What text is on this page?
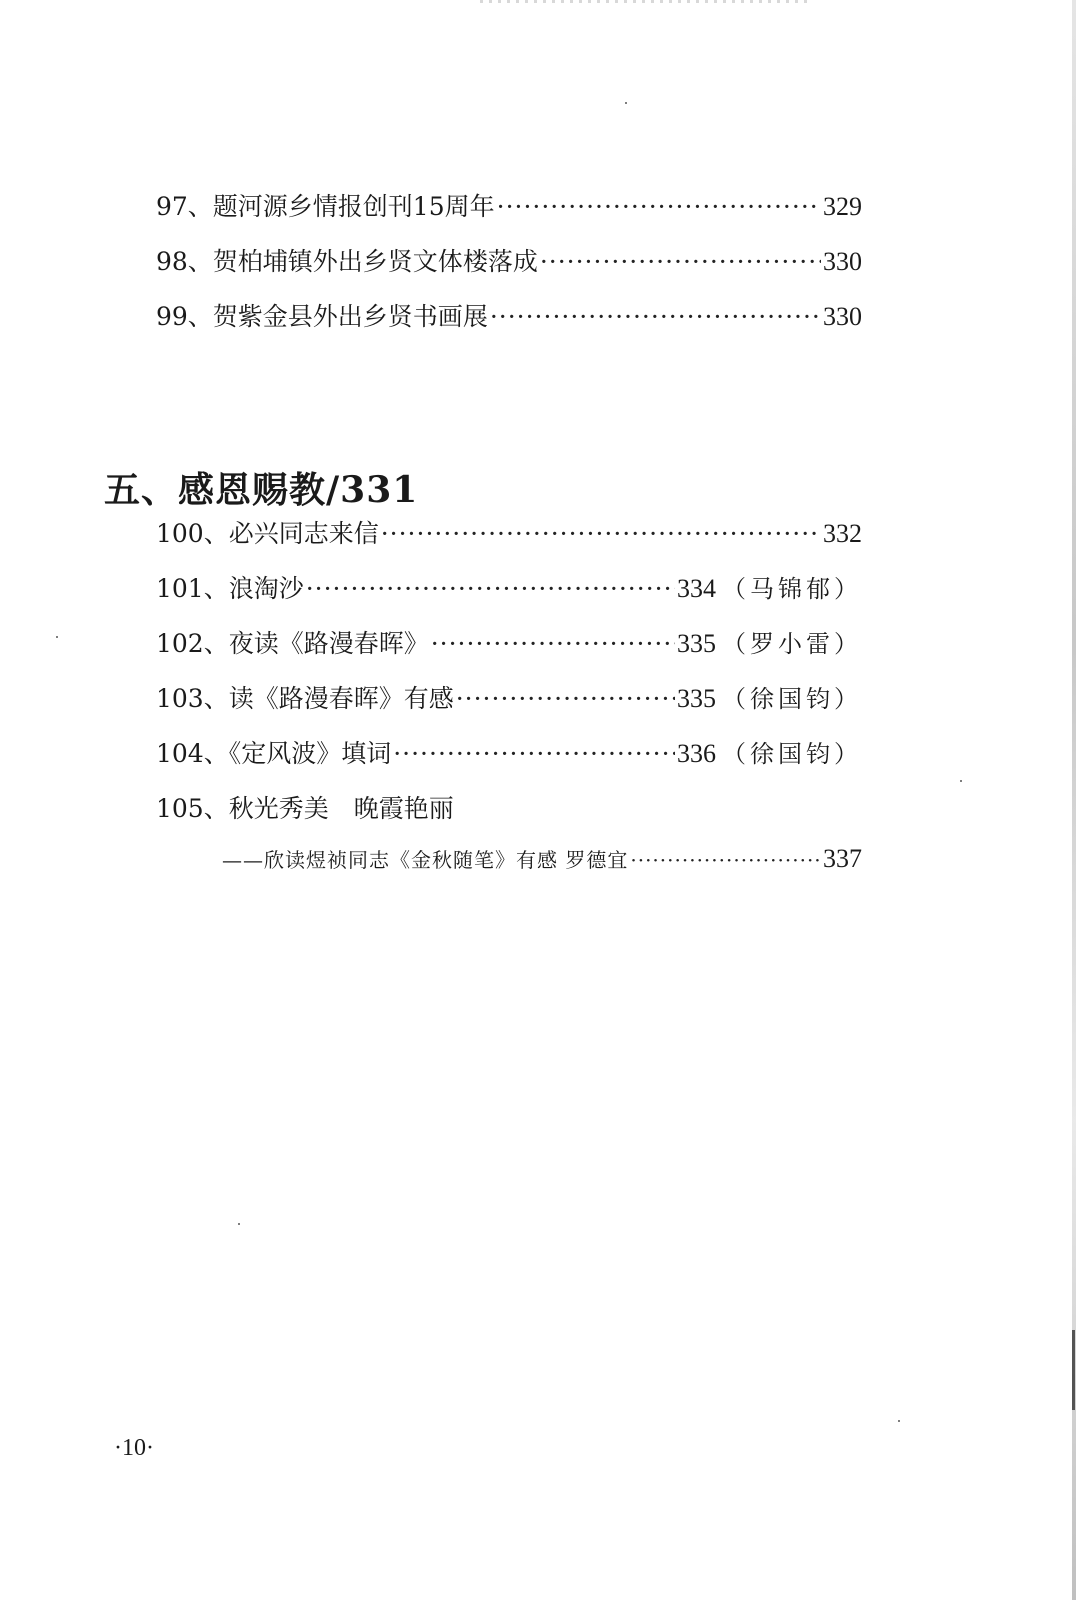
97、题河源乡情报创刊15周年 ·····	329
98、贺柏埔镇外出乡贤文体楼落成 ·····	330
99、贺紫金县外出乡贤书画展 ·····	330
五、感恩赐教/331
100、必兴同志来信 ·····	332
101、浪淘沙 ·····	334 （马锦郁）
102、夜读《路漫春晖》 ·····	335 （罗小雷）
103、读《路漫春晖》有感 ·····	335 （徐国钧）
104、《定风波》填词 ·····	336 （徐国钧）
105、秋光秀美　晚霞艳丽
——欣读煜祯同志《金秋随笔》有感 罗德宜 ·····	337
·10·
